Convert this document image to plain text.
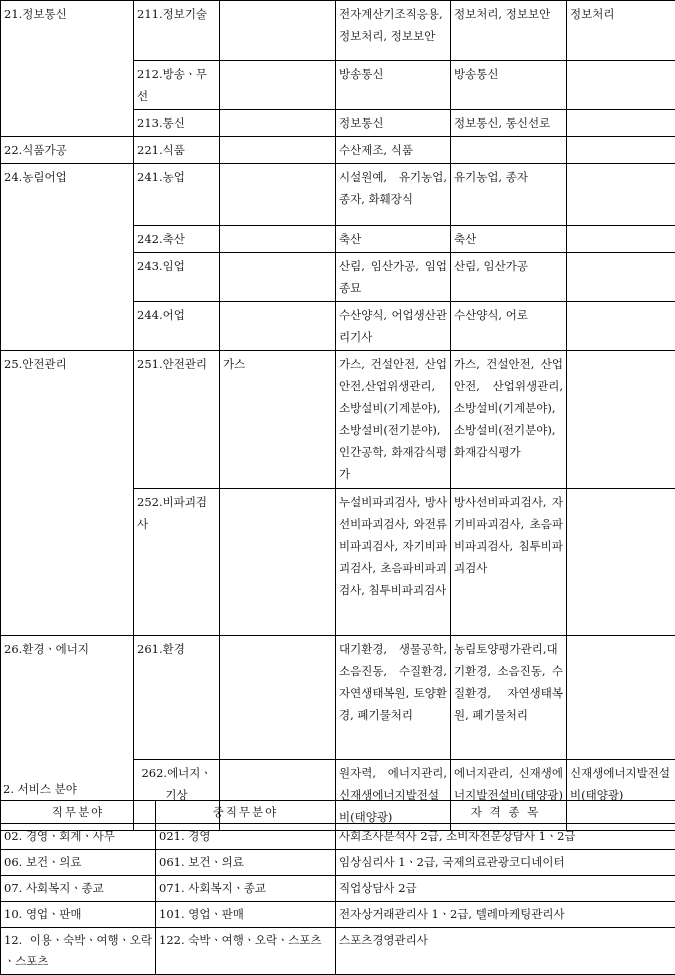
21.정보통신	211.정보기술		전자계산기조직응용, 정보처리, 정보보안	정보처리, 정보보안	정보처리
	212.방송ㆍ무선		방송통신	방송통신	
	213.통신		정보통신	정보통신, 통신선로	
22.식품가공	221.식품		수산제조, 식품		
24.농림어업	241.농업		시설원예, 유기농업, 종자, 화훼장식	유기농업, 종자	
	242.축산		축산	축산	
	243.임업		산림, 임산가공, 임업종묘	산림, 임산가공	
	244.어업		수산양식, 어업생산관리기사	수산양식, 어로	
25.안전관리	251.안전관리	가스	가스, 건설안전, 산업안전,산업위생관리, 소방설비(기계분야), 소방설비(전기분야), 인간공학, 화재감식평가	가스, 건설안전, 산업안전, 산업위생관리, 소방설비(기계분야), 소방설비(전기분야), 화재감식평가	
	252.비파괴검사		누설비파괴검사, 방사선비파괴검사, 와전류비파괴검사, 자기비파괴검사, 초음파비파괴검사, 침투비파괴검사	방사선비파괴검사, 자기비파괴검사, 초음파비파괴검사, 침투비파괴검사	
26.환경ㆍ에너지	261.환경		대기환경, 생물공학, 소음진동, 수질환경, 자연생태복원, 토양환경, 폐기물처리	농림토양평가관리,대기환경, 소음진동, 수질환경, 자연생태복원, 폐기물처리	
	262.에너지ㆍ기상		원자력, 에너지관리, 신재생에너지발전설비(태양광)	에너지관리, 신재생에너지발전설비(태양광)	신재생에너지발전설비(태양광)
2. 서비스 분야
직무분야	중직무분야	자 격 종 목
02. 경영ㆍ회계ㆍ사무	021. 경영	사회조사분석사 2급, 소비자전문상담사 1ㆍ2급
06. 보건ㆍ의료	061. 보건ㆍ의료	임상심리사 1ㆍ2급, 국제의료관광코디네이터
07. 사회복지ㆍ종교	071. 사회복지ㆍ종교	직업상담사 2급
10. 영업ㆍ판매	101. 영업ㆍ판매	전자상거래관리사 1ㆍ2급, 텔레마케팅관리사
12. 이용ㆍ숙박ㆍ여행ㆍ오락ㆍ스포츠	122. 숙박ㆍ여행ㆍ오락ㆍ스포츠	스포츠경영관리사
